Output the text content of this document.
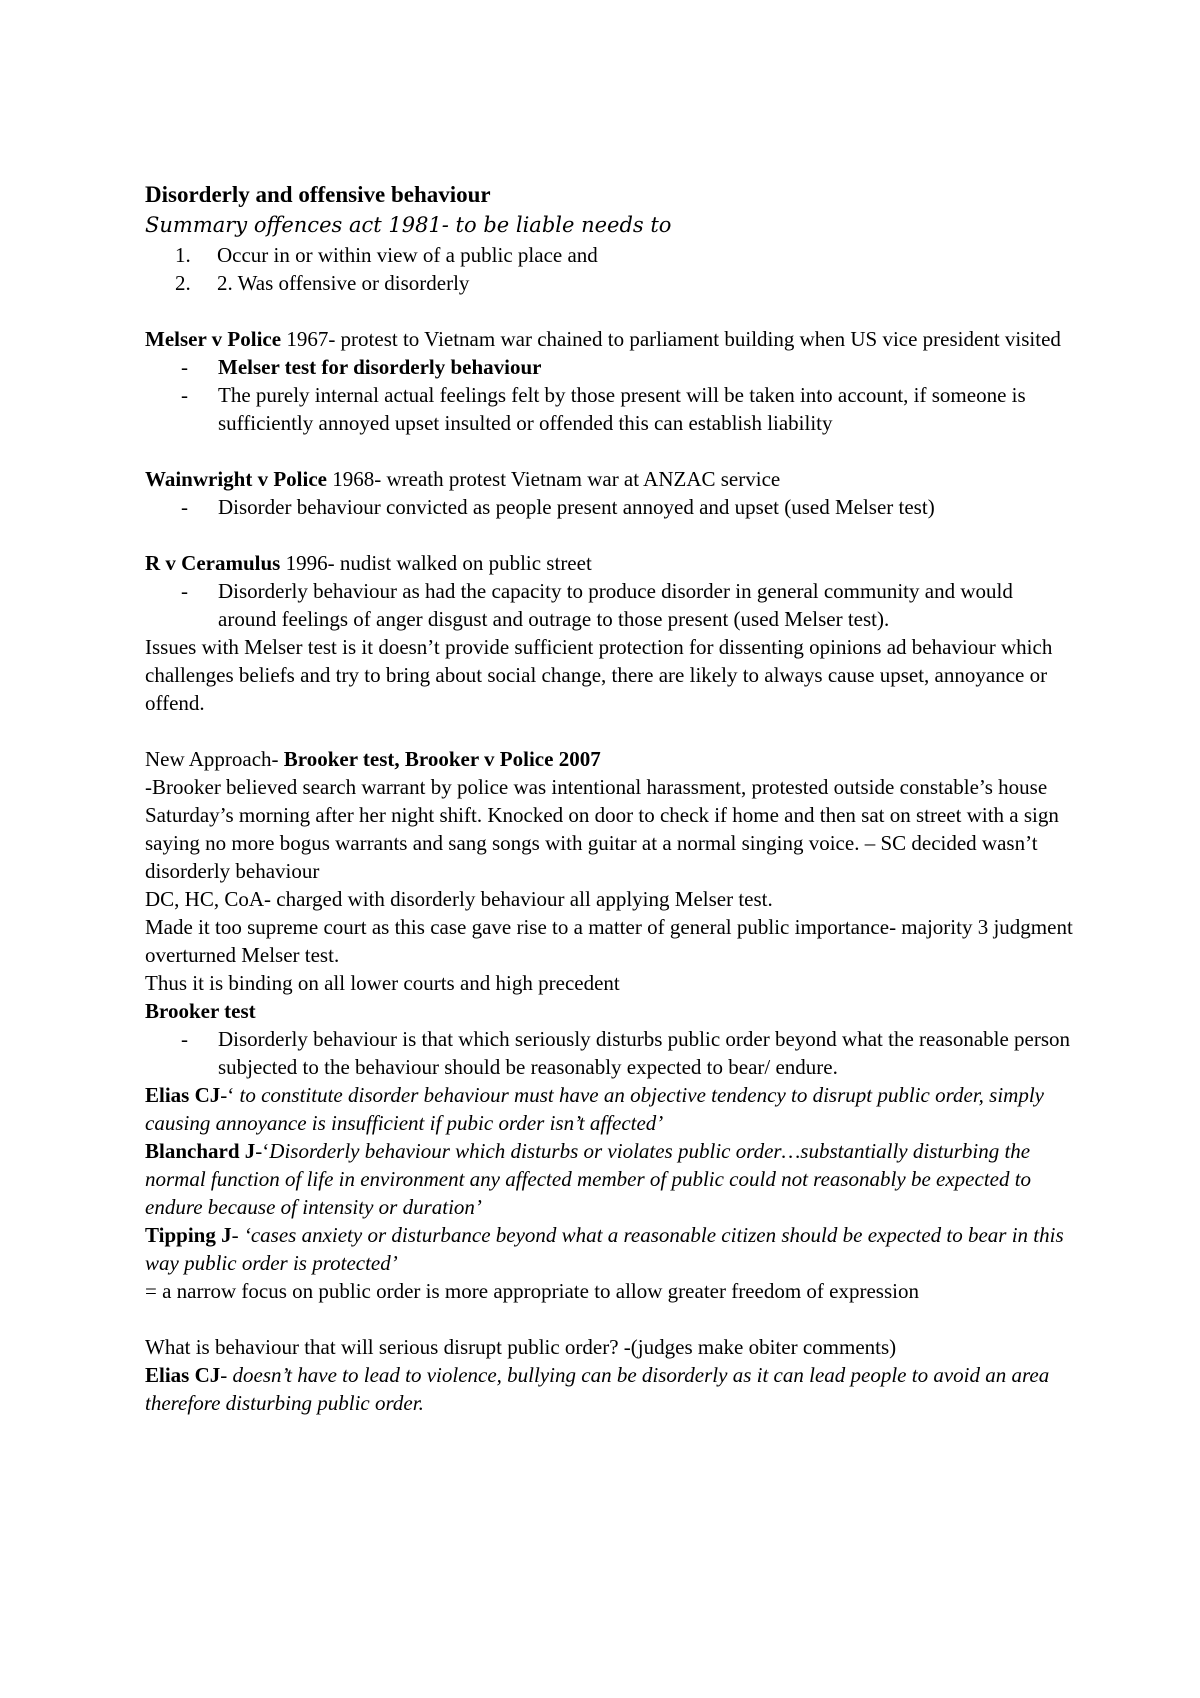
Disorderly and offensive behaviour

Summary offences act 1981- to be liable needs to

1.	Occur in or within view of a public place and
2.	2. Was offensive or disorderly

Melser v Police 1967- protest to Vietnam war chained to parliament building when US vice president visited

- Melser test for disorderly behaviour
- The purely internal actual feelings felt by those present will be taken into account, if someone is sufficiently annoyed upset insulted or offended this can establish liability

Wainwright v Police 1968- wreath protest Vietnam war at ANZAC service

- Disorder behaviour convicted as people present annoyed and upset (used Melser test)

R v Ceramulus 1996- nudist walked on public street

- Disorderly behaviour as had the capacity to produce disorder in general community and would around feelings of anger disgust and outrage to those present (used Melser test).

Issues with Melser test is it doesn’t provide sufficient protection for dissenting opinions ad behaviour which challenges beliefs and try to bring about social change, there are likely to always cause upset, annoyance or offend.

New Approach- Brooker test, Brooker v Police 2007

-Brooker believed search warrant by police was intentional harassment, protested outside constable’s house Saturday’s morning after her night shift. Knocked on door to check if home and then sat on street with a sign saying no more bogus warrants and sang songs with guitar at a normal singing voice. – SC decided wasn’t disorderly behaviour

DC, HC, CoA- charged with disorderly behaviour all applying Melser test.

Made it too supreme court as this case gave rise to a matter of general public importance- majority 3 judgment overturned Melser test.

Thus it is binding on all lower courts and high precedent

Brooker test

- Disorderly behaviour is that which seriously disturbs public order beyond what the reasonable person subjected to the behaviour should be reasonably expected to bear/ endure.

Elias CJ-‘ to constitute disorder behaviour must have an objective tendency to disrupt public order, simply causing annoyance is insufficient if pubic order isn’t affected’

Blanchard J-‘Disorderly behaviour which disturbs or violates public order…substantially disturbing the normal function of life in environment any affected member of public could not reasonably be expected to endure because of intensity or duration’

Tipping J- ‘cases anxiety or disturbance beyond what a reasonable citizen should be expected to bear in this way public order is protected’

= a narrow focus on public order is more appropriate to allow greater freedom of expression

What is behaviour that will serious disrupt public order? -(judges make obiter comments)

Elias CJ- doesn’t have to lead to violence, bullying can be disorderly as it can lead people to avoid an area therefore disturbing public order.
